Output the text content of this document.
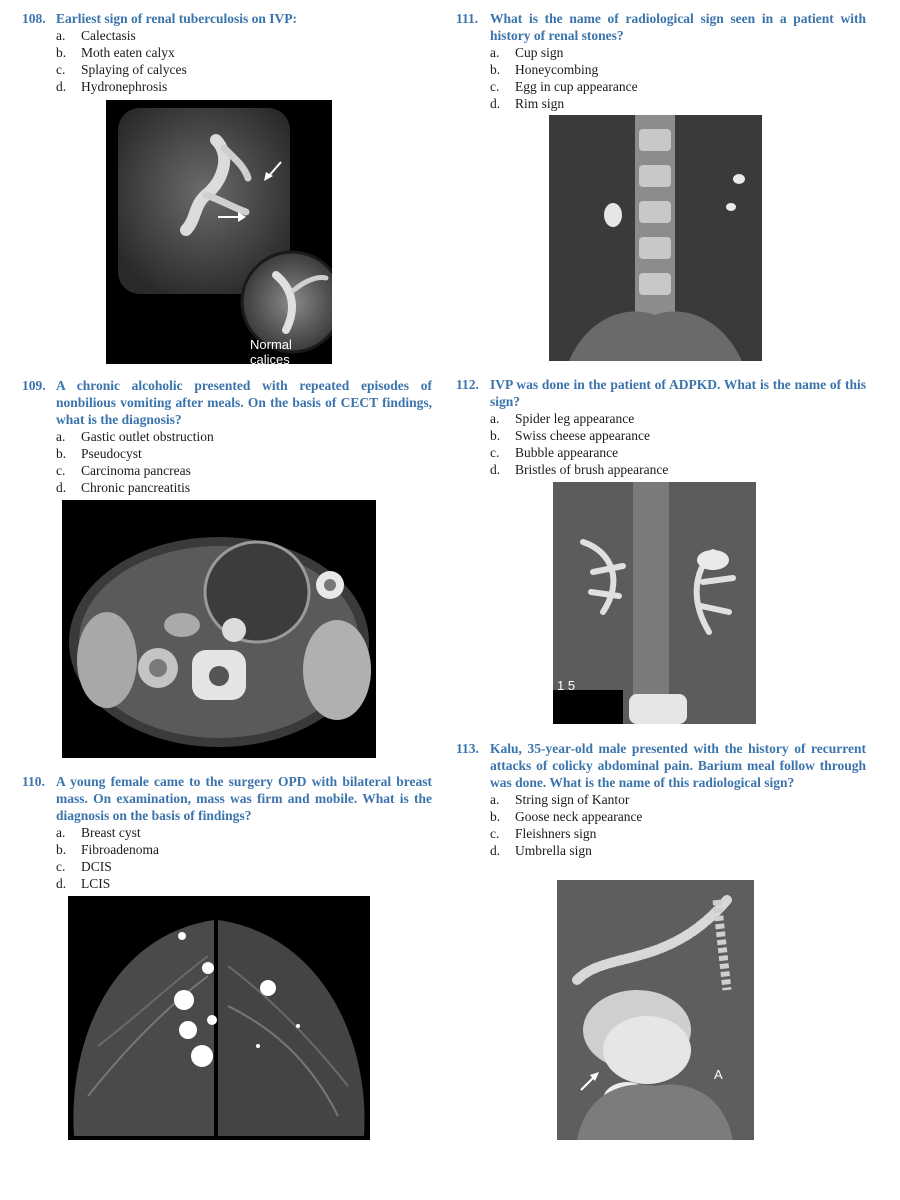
108. Earliest sign of renal tuberculosis on IVP:
a.	Calectasis
b.	Moth eaten calyx
c.	Splaying of calyces
d.	Hydronephrosis
Normal calices
109. A chronic alcoholic presented with repeated episodes of nonbilious vomiting after meals. On the basis of CECT findings, what is the diagnosis?
a.	Gastic outlet obstruction
b.	Pseudocyst
c.	Carcinoma pancreas
d.	Chronic pancreatitis
110. A young female came to the surgery OPD with bilateral breast mass. On examination, mass was firm and mobile. What is the diagnosis on the basis of findings?
a.	Breast cyst
b.	Fibroadenoma
c.	DCIS
d.	LCIS
111. What is the name of radiological sign seen in a patient with history of renal stones?
a.	Cup sign
b.	Honeycombing
c.	Egg in cup appearance
d.	Rim sign
112. IVP was done in the patient of ADPKD. What is the name of this sign?
a.	Spider leg appearance
b.	Swiss cheese appearance
c.	Bubble appearance
d.	Bristles of brush appearance
1 5
113. Kalu, 35-year-old male presented with the history of recurrent attacks of colicky abdominal pain. Barium meal follow through was done. What is the name of this radiological sign?
a.	String sign of Kantor
b.	Goose neck appearance
c.	Fleishners sign
d.	Umbrella sign
A
